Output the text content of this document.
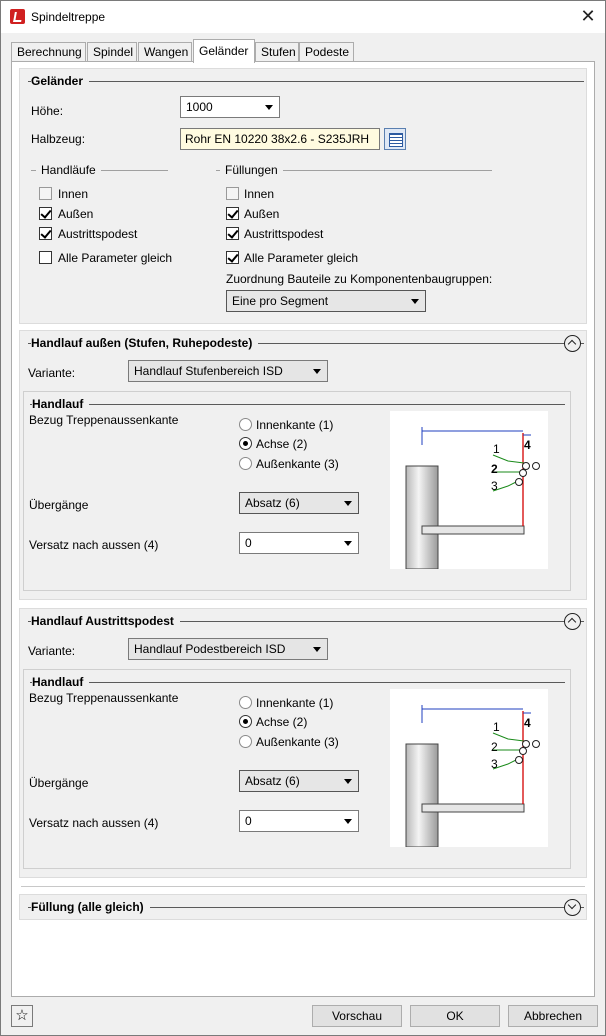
Spindeltreppe	✕
Berechnung Spindel Wangen Geländer	Stufen Podeste
Geländer
Höhe:	1000
Halbzeug:	Rohr EN 10220 38x2.6 - S235JRH
Handläufe
Innen
Außen
Austrittspodest
Alle Parameter gleich
Füllungen
Innen
Außen
Austrittspodest
Alle Parameter gleich
Zuordnung Bauteile zu Komponentenbaugruppen:
Eine pro Segment
Handlauf außen (Stufen, Ruhepodeste)
Variante:	Handlauf Stufenbereich ISD
Handlauf
Bezug Treppenaussenkante	Innenkante (1)
Achse (2)
Außenkante (3)
Übergänge	Absatz (6)
Versatz nach aussen (4)	0
1
2
3
4
Handlauf Austrittspodest
Variante:	Handlauf Podestbereich ISD
Handlauf
Bezug Treppenaussenkante	Innenkante (1)
Achse (2)
Außenkante (3)
Übergänge	Absatz (6)
Versatz nach aussen (4)	0
1
2
3
4
Füllung (alle gleich)
☆	Vorschau	OK	Abbrechen
